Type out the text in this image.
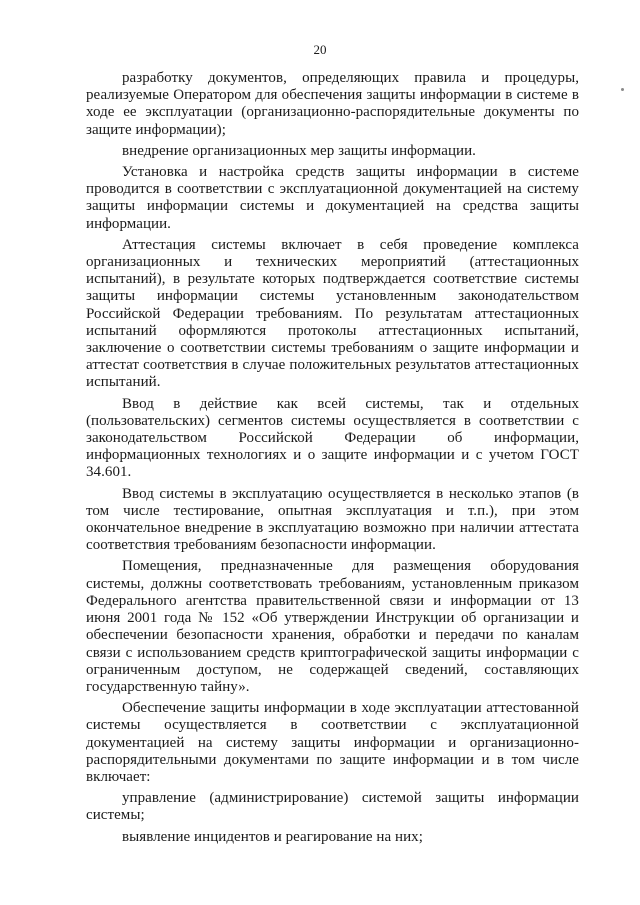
20

разработку документов, определяющих правила и процедуры, реализуемые Оператором для обеспечения защиты информации в системе в ходе ее эксплуатации (организационно-распорядительные документы по защите информации);

внедрение организационных мер защиты информации.

Установка и настройка средств защиты информации в системе проводится в соответствии с эксплуатационной документацией на систему защиты информации системы и документацией на средства защиты информации.

Аттестация системы включает в себя проведение комплекса организационных и технических мероприятий (аттестационных испытаний), в результате которых подтверждается соответствие системы защиты информации системы установленным законодательством Российской Федерации требованиям. По результатам аттестационных испытаний оформляются протоколы аттестационных испытаний, заключение о соответствии системы требованиям о защите информации и аттестат соответствия в случае положительных результатов аттестационных испытаний.

Ввод в действие как всей системы, так и отдельных (пользовательских) сегментов системы осуществляется в соответствии с законодательством Российской Федерации об информации, информационных технологиях и о защите информации и с учетом ГОСТ 34.601.

Ввод системы в эксплуатацию осуществляется в несколько этапов (в том числе тестирование, опытная эксплуатация и т.п.), при этом окончательное внедрение в эксплуатацию возможно при наличии аттестата соответствия требованиям безопасности информации.

Помещения, предназначенные для размещения оборудования системы, должны соответствовать требованиям, установленным приказом Федерального агентства правительственной связи и информации от 13 июня 2001 года № 152 «Об утверждении Инструкции об организации и обеспечении безопасности хранения, обработки и передачи по каналам связи с использованием средств криптографической защиты информации с ограниченным доступом, не содержащей сведений, составляющих государственную тайну».

Обеспечение защиты информации в ходе эксплуатации аттестованной системы осуществляется в соответствии с эксплуатационной документацией на систему защиты информации и организационно-распорядительными документами по защите информации и в том числе включает:

управление (администрирование) системой защиты информации системы;

выявление инцидентов и реагирование на них;
